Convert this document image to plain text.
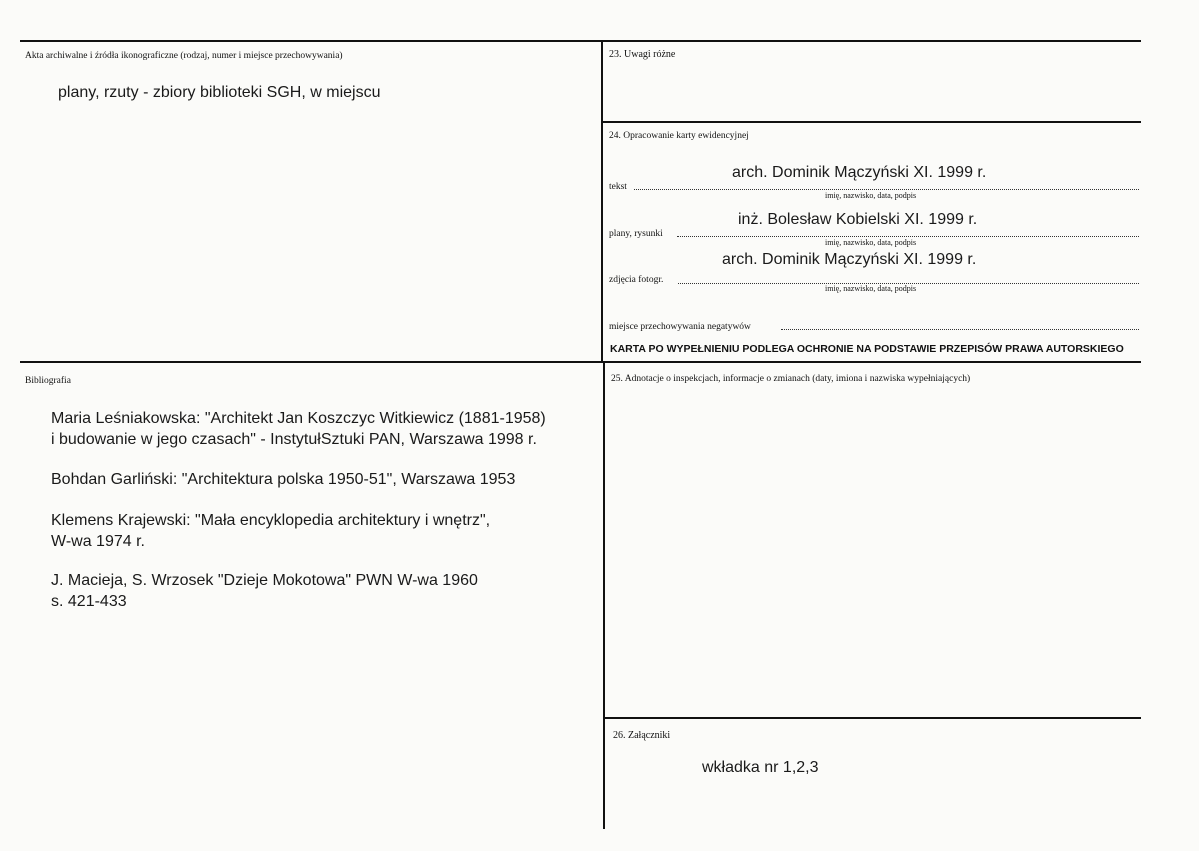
Akta archiwalne i źródła ikonograficzne (rodzaj, numer i miejsce przechowywania)
plany, rzuty - zbiory biblioteki SGH, w miejscu
23. Uwagi różne
24. Opracowanie karty ewidencyjnej
arch. Dominik Mączyński XI. 1999 r.
tekst
imię, nazwisko, data, podpis
inż. Bolesław Kobielski XI. 1999 r.
plany, rysunki
imię, nazwisko, data, podpis
arch. Dominik Mączyński XI. 1999 r.
zdjęcia fotogr.
imię, nazwisko, data, podpis
miejsce przechowywania negatywów
KARTA PO WYPEŁNIENIU PODLEGA OCHRONIE NA PODSTAWIE PRZEPISÓW PRAWA AUTORSKIEGO
Bibliografia
Maria Leśniakowska: "Architekt Jan Koszczyc Witkiewicz (1881-1958)
i budowanie w jego czasach" - InstytułSztuki PAN, Warszawa 1998 r.
Bohdan Garliński: "Architektura polska 1950-51", Warszawa 1953
Klemens Krajewski: "Mała encyklopedia architektury i wnętrz",
W-wa 1974 r.
J. Macieja, S. Wrzosek "Dzieje Mokotowa" PWN W-wa 1960
s. 421-433
25. Adnotacje o inspekcjach, informacje o zmianach (daty, imiona i nazwiska wypełniających)
26. Załączniki
wkładka nr 1,2,3
